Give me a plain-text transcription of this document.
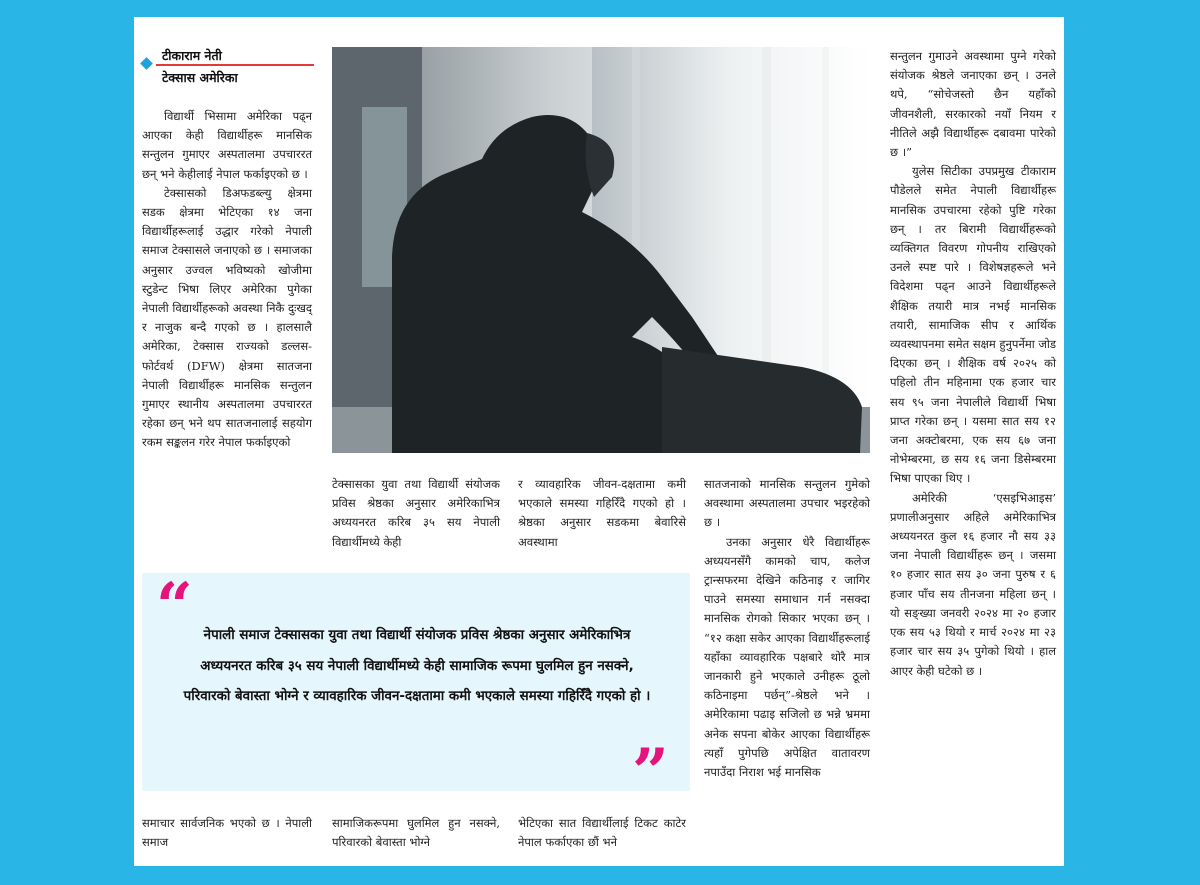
टीकाराम नेती
टेक्सास अमेरिका

विद्यार्थी भिसामा अमेरिका पढ्न आएका केही विद्यार्थीहरू मानसिक सन्तुलन गुमाएर अस्पतालमा उपचाररत छन् भने केहीलाई नेपाल फर्काइएको छ ।

टेक्सासको डिअफडब्ल्यु क्षेत्रमा सडक क्षेत्रमा भेटिएका १४ जना विद्यार्थीहरूलाई उद्धार गरेको नेपाली समाज टेक्सासले जनाएको छ । समाजका अनुसार उज्वल भविष्यको खोजीमा स्टुडेन्ट भिषा लिएर अमेरिका पुगेका नेपाली विद्यार्थीहरूको अवस्था निकै दुःखद् र नाजुक बन्दै गएको छ । हालसालै अमेरिका, टेक्सास राज्यको डल्लस-फोर्टवर्थ (DFW) क्षेत्रमा सातजना नेपाली विद्यार्थीहरू मानसिक सन्तुलन गुमाएर स्थानीय अस्पतालमा उपचाररत रहेका छन् भने थप सातजनालाई सहयोग रकम सङ्कलन गरेर नेपाल फर्काइएको

टेक्सासका युवा तथा विद्यार्थी संयोजक प्रविस श्रेष्ठका अनुसार अमेरिकाभित्र अध्ययनरत करिब ३५ सय नेपाली विद्यार्थीमध्ये केही

र व्यावहारिक जीवन-दक्षतामा कमी भएकाले समस्या गहिरिँदै गएको हो । श्रेष्ठका अनुसार सडकमा बेवारिसे अवस्थामा

“ नेपाली समाज टेक्सासका युवा तथा विद्यार्थी संयोजक प्रविस श्रेष्ठका अनुसार अमेरिकाभित्र अध्ययनरत करिब ३५ सय नेपाली विद्यार्थीमध्ये केही सामाजिक रूपमा घुलमिल हुन नसक्ने, परिवारको बेवास्ता भोग्ने र व्यावहारिक जीवन-दक्षतामा कमी भएकाले समस्या गहिरिँदै गएको हो ।
”

समाचार सार्वजनिक भएको छ । नेपाली समाज

सामाजिकरूपमा घुलमिल हुन नसक्ने, परिवारको बेवास्ता भोग्ने

भेटिएका सात विद्यार्थीलाई टिकट काटेर नेपाल फर्काएका छौं भने

सातजनाको मानसिक सन्तुलन गुमेको अवस्थामा अस्पतालमा उपचार भइरहेको छ ।

उनका अनुसार धेरै विद्यार्थीहरू अध्ययनसँगै कामको चाप, कलेज ट्रान्सफरमा देखिने कठिनाइ र जागिर पाउने समस्या समाधान गर्न नसक्दा मानसिक रोगको सिकार भएका छन् । “१२ कक्षा सकेर आएका विद्यार्थीहरूलाई यहाँका व्यावहारिक पक्षबारे थोरै मात्र जानकारी हुने भएकाले उनीहरू ठूलो कठिनाइमा पर्छन्”-श्रेष्ठले भने । अमेरिकामा पढाइ सजिलो छ भन्ने भ्रममा अनेक सपना बोकेर आएका विद्यार्थीहरू त्यहाँ पुगेपछि अपेक्षित वातावरण नपाउँदा निराश भई मानसिक

सन्तुलन गुमाउने अवस्थामा पुग्ने गरेको संयोजक श्रेष्ठले जनाएका छन् । उनले थपे, “सोचेजस्तो छैन यहाँको जीवनशैली, सरकारको नयाँ नियम र नीतिले अझै विद्यार्थीहरू दबावमा पारेको छ ।”

युलेस सिटीका उपप्रमुख टीकाराम पौडेलले समेत नेपाली विद्यार्थीहरू मानसिक उपचारमा रहेको पुष्टि गरेका छन् । तर बिरामी विद्यार्थीहरूको व्यक्तिगत विवरण गोपनीय राखिएको उनले स्पष्ट पारे । विशेषज्ञहरूले भने विदेशमा पढ्न आउने विद्यार्थीहरूले शैक्षिक तयारी मात्र नभई मानसिक तयारी, सामाजिक सीप र आर्थिक व्यवस्थापनमा समेत सक्षम हुनुपर्नेमा जोड दिएका छन् । शैक्षिक वर्ष २०२५ को पहिलो तीन महिनामा एक हजार चार सय ९५ जना नेपालीले विद्यार्थी भिषा प्राप्त गरेका छन् । यसमा सात सय १२ जना अक्टोबरमा, एक सय ६७ जना नोभेम्बरमा, छ सय १६ जना डिसेम्बरमा भिषा पाएका थिए ।

अमेरिकी ‘एसइभिआइस’ प्रणालीअनुसार अहिले अमेरिकाभित्र अध्ययनरत कुल १६ हजार नौ सय ३३ जना नेपाली विद्यार्थीहरू छन् । जसमा १० हजार सात सय ३० जना पुरुष र ६ हजार पाँच सय तीनजना महिला छन् । यो सङ्ख्या जनवरी २०२४ मा २० हजार एक सय ५३ थियो र मार्च २०२४ मा २३ हजार चार सय ३५ पुगेको थियो । हाल आएर केही घटेको छ ।
